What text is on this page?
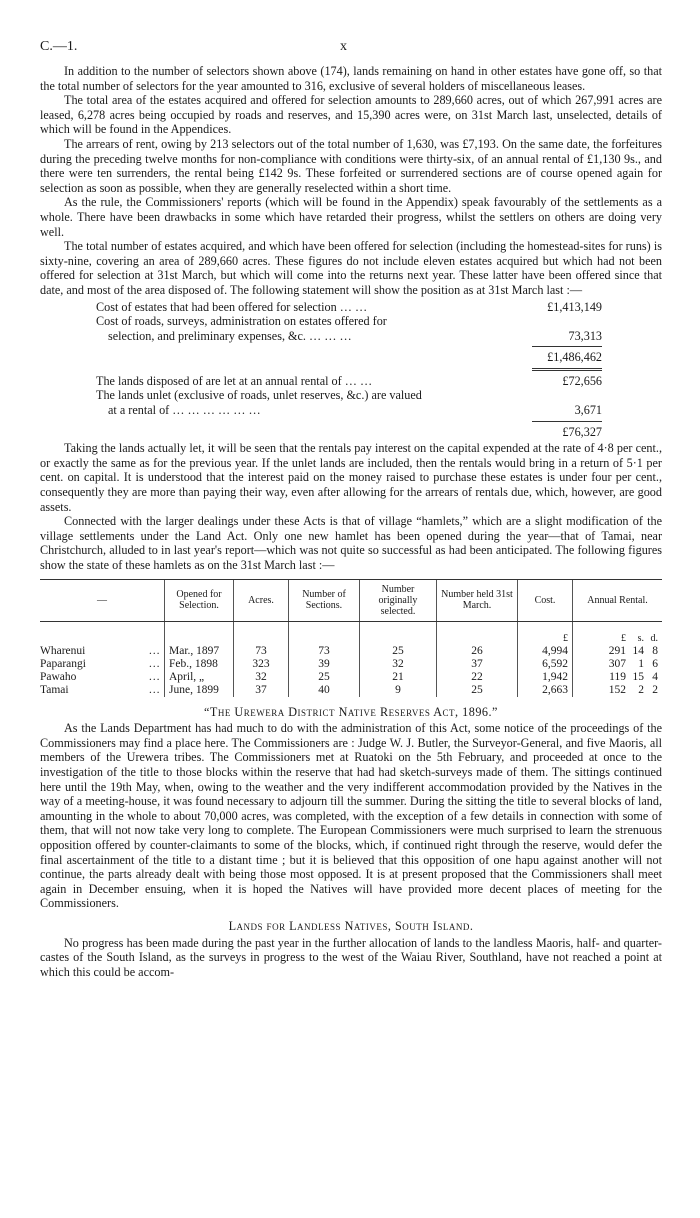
C.—1.	x

In addition to the number of selectors shown above (174), lands remaining on hand in other estates have gone off, so that the total number of selectors for the year amounted to 316, exclusive of several holders of miscellaneous leases.

The total area of the estates acquired and offered for selection amounts to 289,660 acres, out of which 267,991 acres are leased, 6,278 acres being occupied by roads and reserves, and 15,390 acres were, on 31st March last, unselected, details of which will be found in the Appendices.

The arrears of rent, owing by 213 selectors out of the total number of 1,630, was £7,193. On the same date, the forfeitures during the preceding twelve months for non-compliance with conditions were thirty-six, of an annual rental of £1,130 9s., and there were ten surrenders, the rental being £142 9s. These forfeited or surrendered sections are of course opened again for selection as soon as possible, when they are generally reselected within a short time.

As the rule, the Commissioners' reports (which will be found in the Appendix) speak favourably of the settlements as a whole. There have been drawbacks in some which have retarded their progress, whilst the settlers on others are doing very well.

The total number of estates acquired, and which have been offered for selection (including the homestead-sites for runs) is sixty-nine, covering an area of 289,660 acres. These figures do not include eleven estates acquired but which had not been offered for selection at 31st March, but which will come into the returns next year. These latter have been offered since that date, and most of the area disposed of. The following statement will show the position as at 31st March last :—

Cost of estates that had been offered for selection … …	£1,413,149
Cost of roads, surveys, administration on estates offered for
selection, and preliminary expenses, &c. … … …	73,313
£1,486,462
The lands disposed of are let at an annual rental of … …	£72,656
The lands unlet (exclusive of roads, unlet reserves, &c.) are valued
at a rental of … … … … … …	3,671
£76,327

Taking the lands actually let, it will be seen that the rentals pay interest on the capital expended at the rate of 4·8 per cent., or exactly the same as for the previous year. If the unlet lands are included, then the rentals would bring in a return of 5·1 per cent. on capital. It is understood that the interest paid on the money raised to purchase these estates is under four per cent., consequently they are more than paying their way, even after allowing for the arrears of rentals due, which, however, are good assets.

Connected with the larger dealings under these Acts is that of village “hamlets,” which are a slight modification of the village settlements under the Land Act. Only one new hamlet has been opened during the year—that of Tamai, near Christchurch, alluded to in last year's report—which was not quite so successful as had been anticipated. The following figures show the state of these hamlets as on the 31st March last :—

—	Opened for Selection.	Acres.	Number of Sections.	Number originally selected.	Number held 31st March.	Cost.	Annual Rental.
						£	£ s. d.

Wharenui …	Mar., 1897	73	73	25	26	4,994	291 14 8

Paparangi …	Feb., 1898	323	39	32	37	6,592	307 1 6

Pawaho …	April, „	32	25	21	22	1,942	119 15 4

Tamai …	June, 1899	37	40	9	25	2,663	152 2 2
“The Urewera District Native Reserves Act, 1896.”

As the Lands Department has had much to do with the administration of this Act, some notice of the proceedings of the Commissioners may find a place here. The Commissioners are : Judge W. J. Butler, the Surveyor-General, and five Maoris, all members of the Urewera tribes. The Commissioners met at Ruatoki on the 5th February, and proceeded at once to the investigation of the title to those blocks within the reserve that had had sketch-surveys made of them. The sittings continued here until the 19th May, when, owing to the weather and the very indifferent accommodation provided by the Natives in the way of a meeting-house, it was found necessary to adjourn till the summer. During the sitting the title to several blocks of land, amounting in the whole to about 70,000 acres, was completed, with the exception of a few details in connection with some of them, that will not now take very long to complete. The European Commissioners were much surprised to learn the strenuous opposition offered by counter-claimants to some of the blocks, which, if continued right through the reserve, would defer the final ascertainment of the title to a distant time ; but it is believed that this opposition of one hapu against another will not continue, the parts already dealt with being those most opposed. It is at present proposed that the Commissioners shall meet again in December ensuing, when it is hoped the Natives will have provided more decent places of meeting for the Commissioners.

Lands for Landless Natives, South Island.

No progress has been made during the past year in the further allocation of lands to the landless Maoris, half- and quarter-castes of the South Island, as the surveys in progress to the west of the Waiau River, Southland, have not reached a point at which this could be accom-
